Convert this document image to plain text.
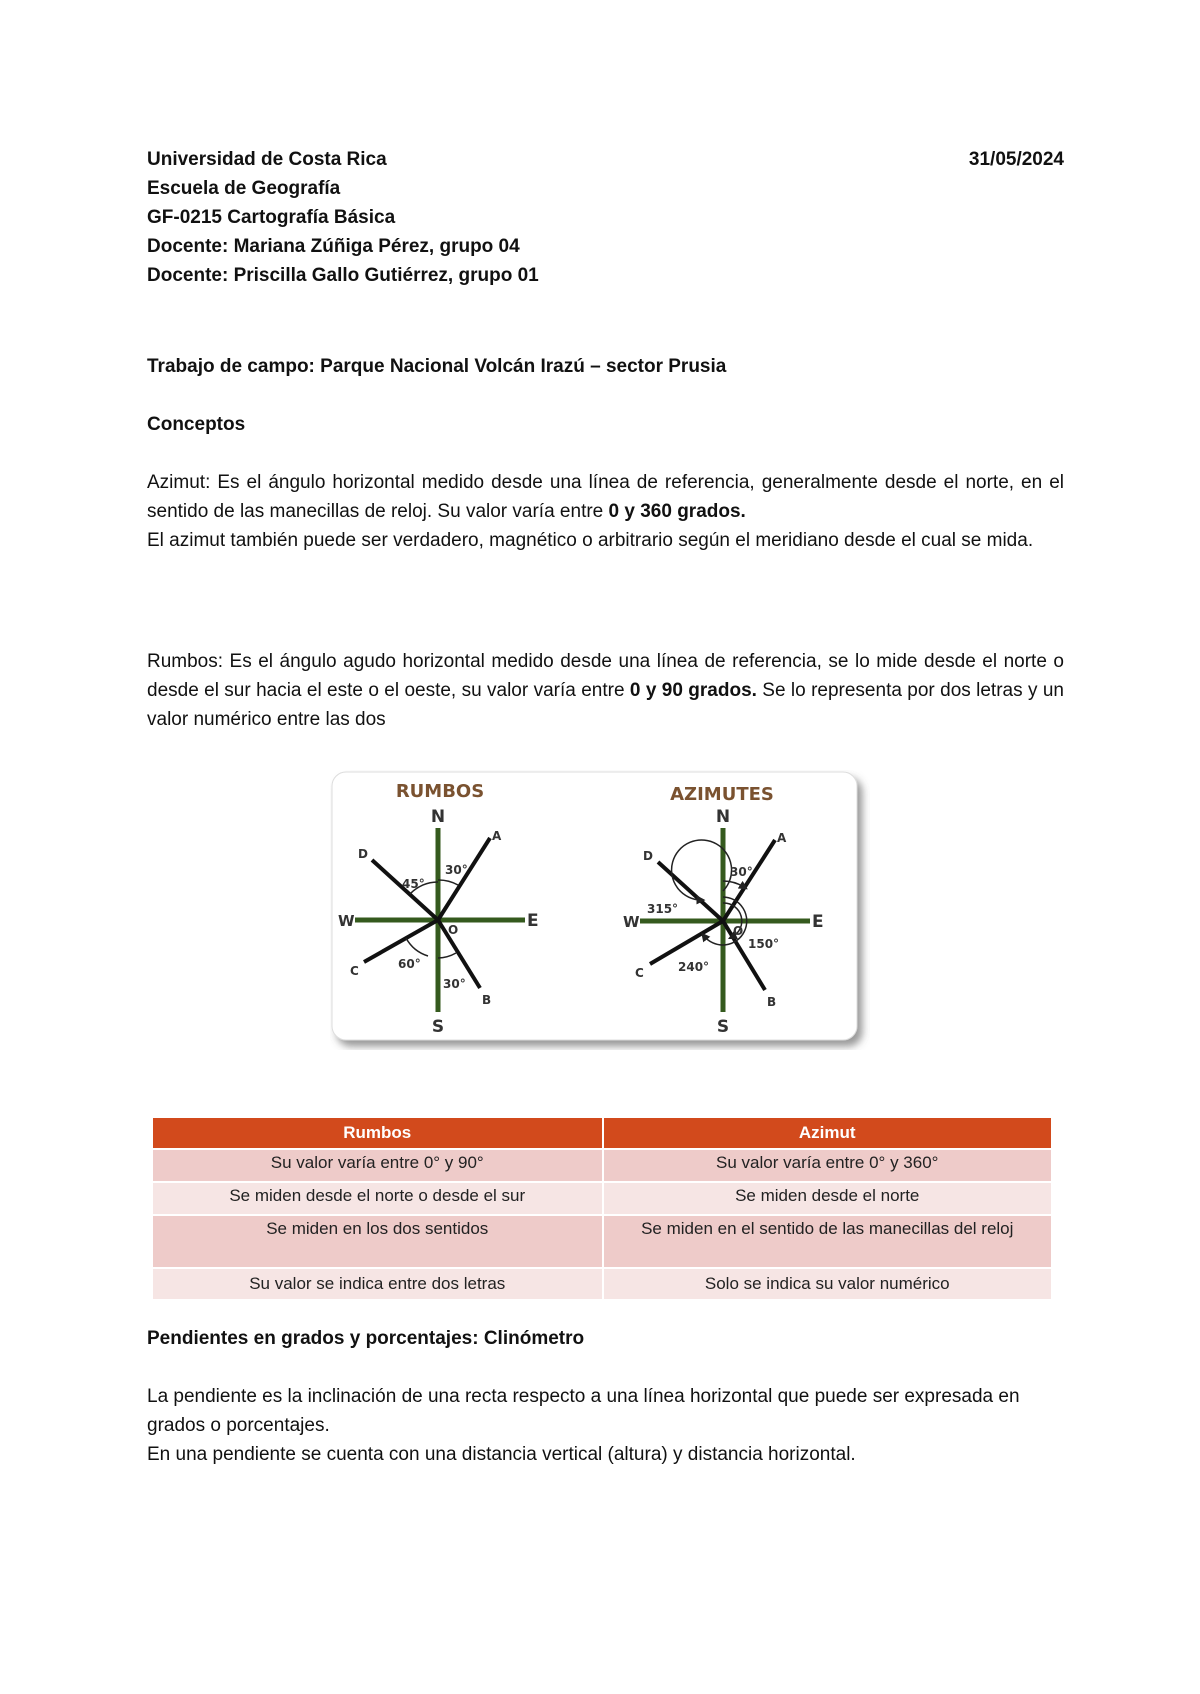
Universidad de Costa Rica	31/05/2024
Escuela de Geografía
GF-0215 Cartografía Básica
Docente: Mariana Zúñiga Pérez, grupo 04
Docente: Priscilla Gallo Gutiérrez, grupo 01
Trabajo de campo: Parque Nacional Volcán Irazú – sector Prusia
Conceptos

Azimut: Es el ángulo horizontal medido desde una línea de referencia, generalmente desde el norte, en el sentido de las manecillas de reloj. Su valor varía entre 0 y 360 grados.

El azimut también puede ser verdadero, magnético o arbitrario según el meridiano desde el cual se mida.

Rumbos: Es el ángulo agudo horizontal medido desde una línea de referencia, se lo mide desde el norte o desde el sur hacia el este o el oeste, su valor varía entre 0 y 90 grados. Se lo representa por dos letras y un valor numérico entre las dos

RUMBOS
N
S
E
W	O
A
D
C
B
30°
45°
60°
30°
AZIMUTES
N
S
E
W	O
A
D
C
B
30°
315°
240°
150°
Rumbos	Azimut
Su valor varía entre 0° y 90°	Su valor varía entre 0° y 360°
Se miden desde el norte o desde el sur	Se miden desde el norte
Se miden en los dos sentidos	Se miden en el sentido de las manecillas del reloj
Su valor se indica entre dos letras	Solo se indica su valor numérico
Pendientes en grados y porcentajes: Clinómetro

La pendiente es la inclinación de una recta respecto a una línea horizontal que puede ser expresada en grados o porcentajes.

En una pendiente se cuenta con una distancia vertical (altura) y distancia horizontal.
